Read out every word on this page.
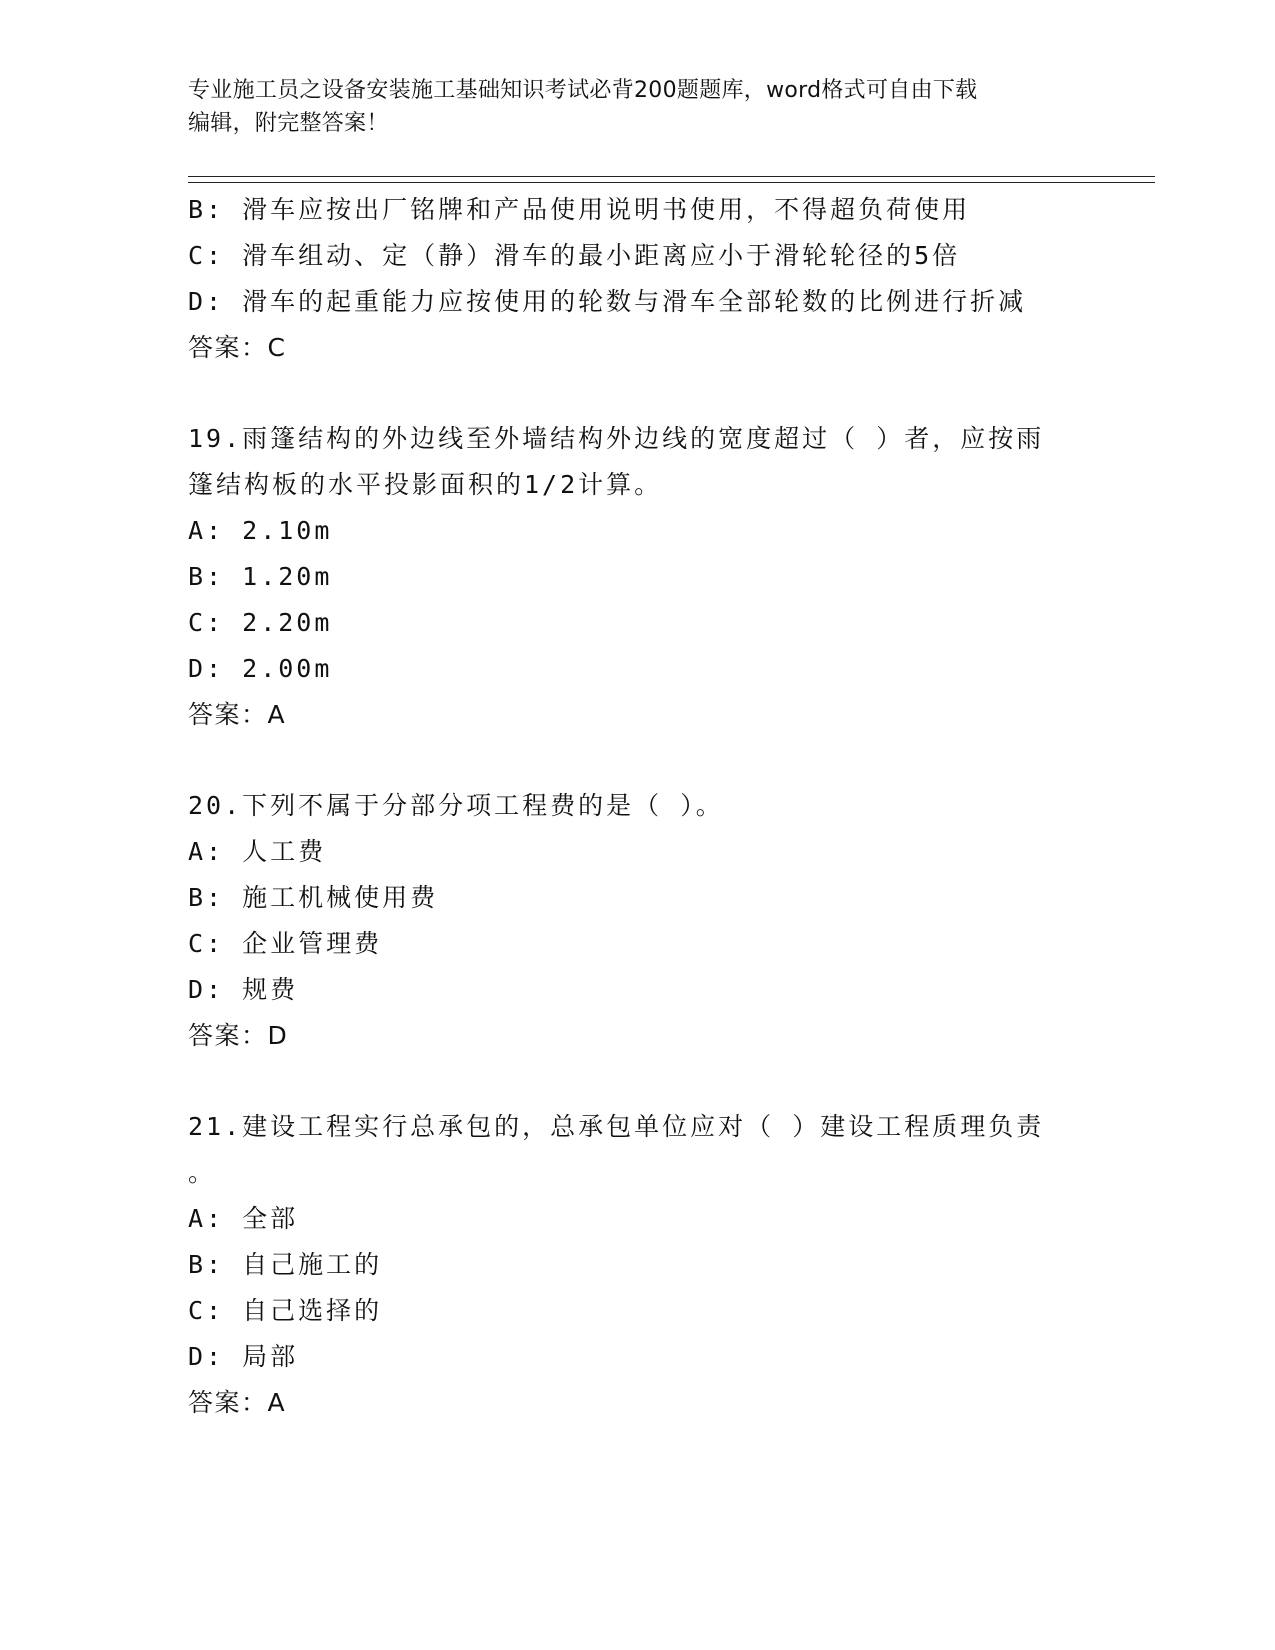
专业施工员之设备安装施工基础知识考试必背200题题库，word格式可自由下载
编辑，附完整答案！
B: 滑车应按出厂铭牌和产品使用说明书使用，不得超负荷使用
C: 滑车组动、定（静）滑车的最小距离应小于滑轮轮径的5倍
D: 滑车的起重能力应按使用的轮数与滑车全部轮数的比例进行折减
答案：C
19.雨篷结构的外边线至外墙结构外边线的宽度超过（ ）者，应按雨
篷结构板的水平投影面积的1/2计算。
A: 2.10m
B: 1.20m
C: 2.20m
D: 2.00m
答案：A
20.下列不属于分部分项工程费的是（ ）。
A: 人工费
B: 施工机械使用费
C: 企业管理费
D: 规费
答案：D
21.建设工程实行总承包的，总承包单位应对（ ）建设工程质理负责
。
A: 全部
B: 自己施工的
C: 自己选择的
D: 局部
答案：A
